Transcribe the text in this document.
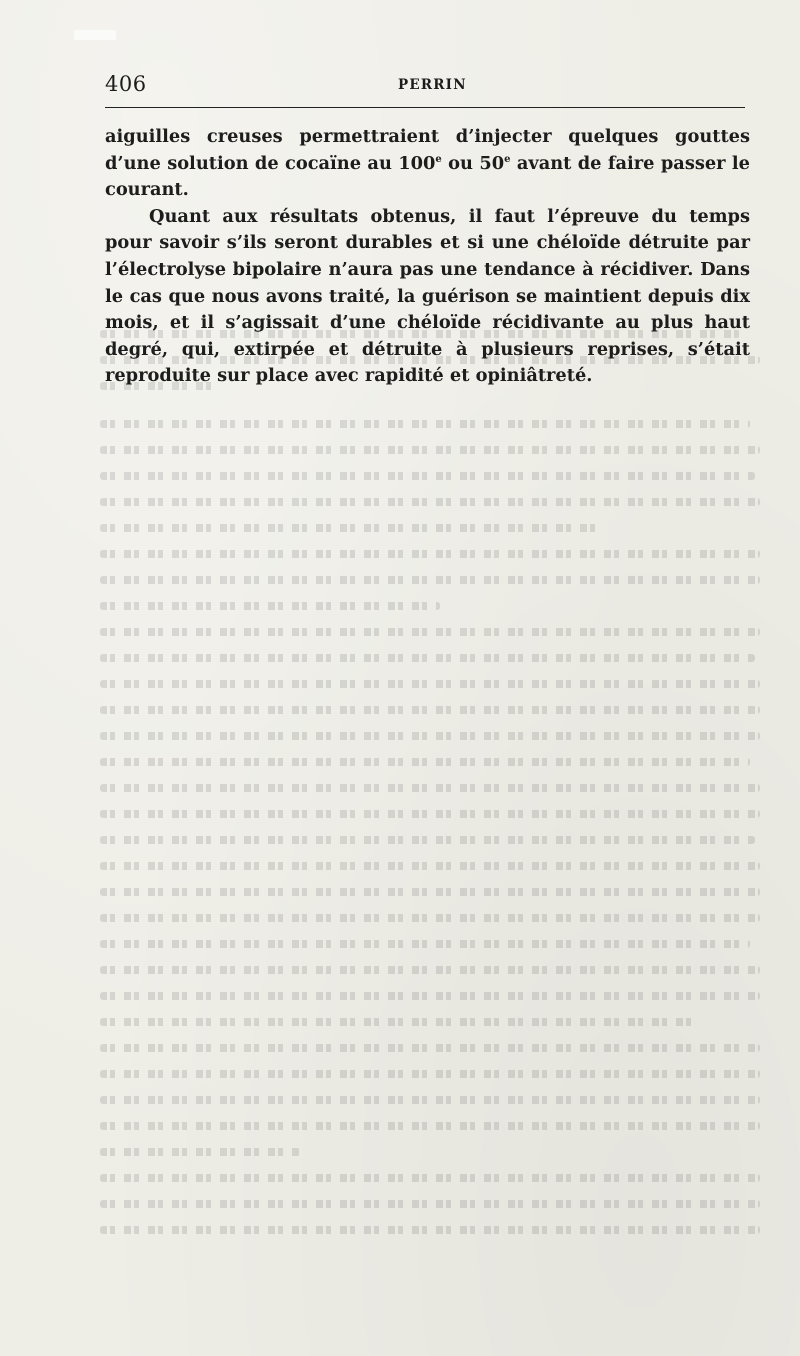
406	PERRIN

aiguilles creuses permettraient d’injecter quelques gouttes d’une solution de cocaïne au 100e ou 50e avant de faire passer le courant.

Quant aux résultats obtenus, il faut l’épreuve du temps pour savoir s’ils seront durables et si une chéloïde détruite par l’électrolyse bipolaire n’aura pas une tendance à récidiver. Dans le cas que nous avons traité, la guérison se maintient depuis dix mois, et il s’agissait d’une chéloïde récidivante au plus haut degré, qui, extirpée et détruite à plusieurs reprises, s’était reproduite sur place avec rapidité et opiniâtreté.
